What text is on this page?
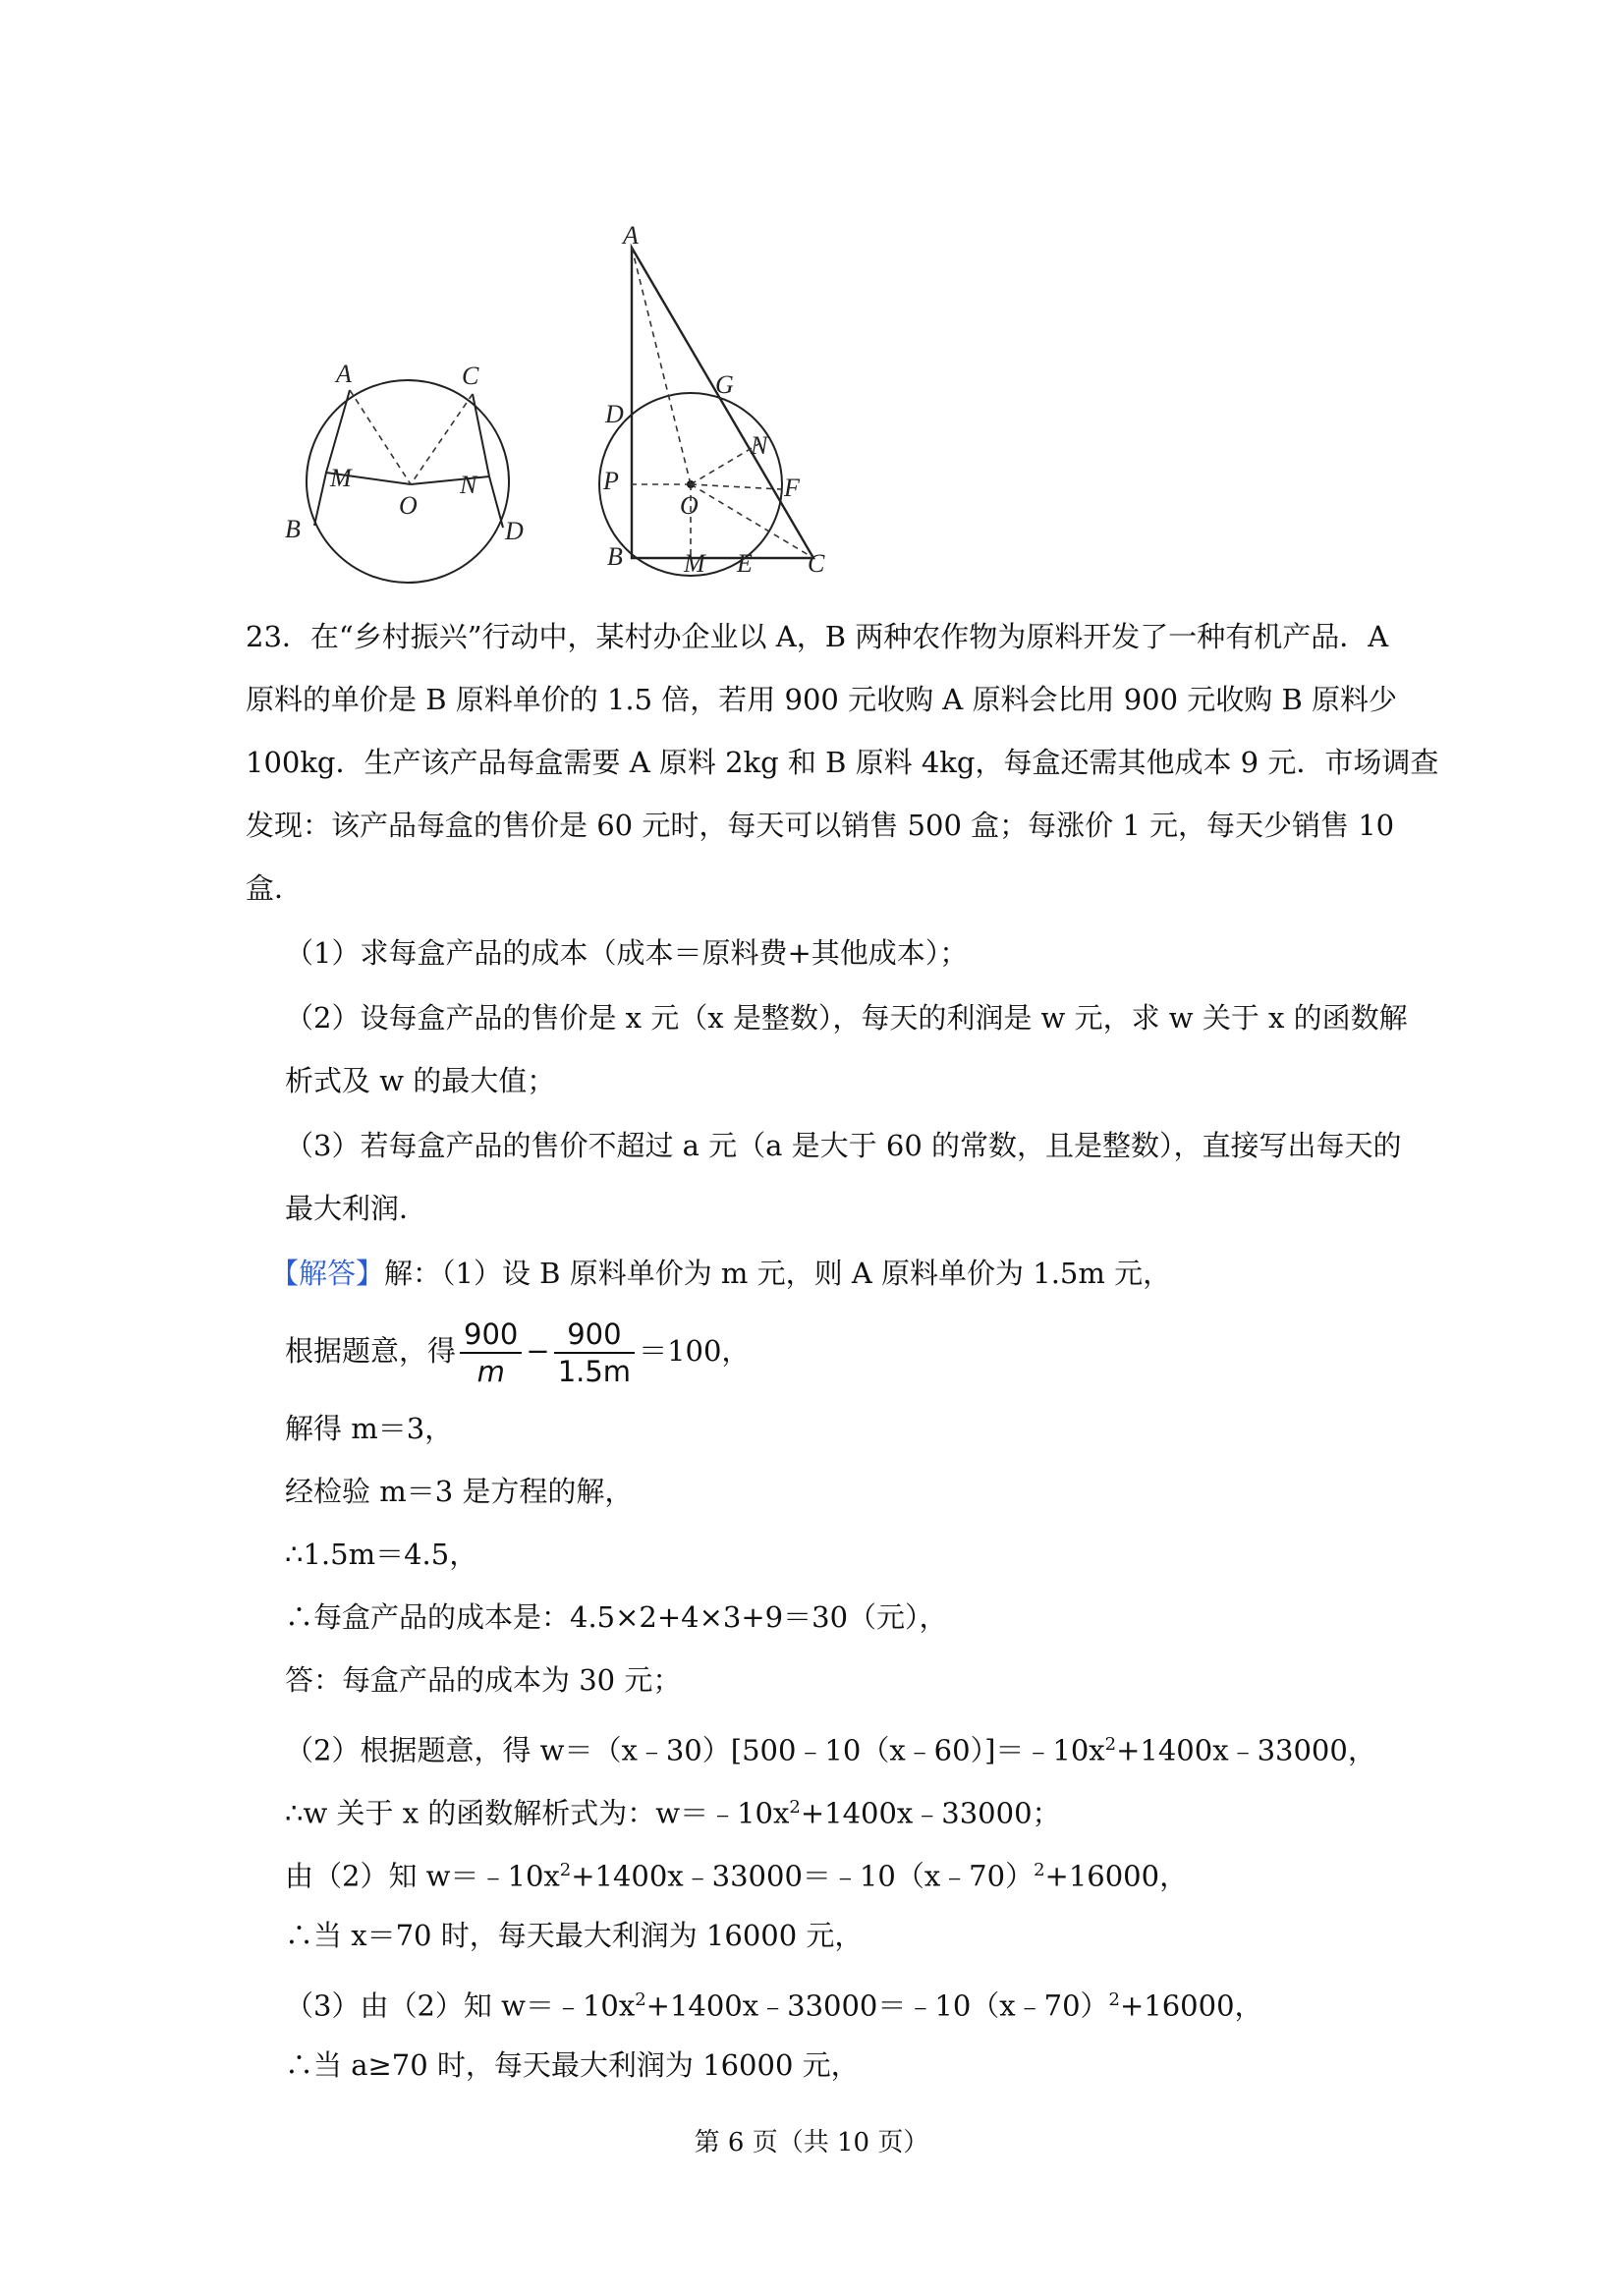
A	C
M	N
O
B	D
A
G
D
N
P	F
O
B M E C
23．在“乡村振兴”行动中，某村办企业以 A，B 两种农作物为原料开发了一种有机产品．A
原料的单价是 B 原料单价的 1.5 倍，若用 900 元收购 A 原料会比用 900 元收购 B 原料少
100kg．生产该产品每盒需要 A 原料 2kg 和 B 原料 4kg，每盒还需其他成本 9 元．市场调查
发现：该产品每盒的售价是 60 元时，每天可以销售 500 盒；每涨价 1 元，每天少销售 10
盒．
（1）求每盒产品的成本（成本＝原料费+其他成本）；
（2）设每盒产品的售价是 x 元（x 是整数），每天的利润是 w 元，求 w 关于 x 的函数解
析式及 w 的最大值；
（3）若每盒产品的售价不超过 a 元（a 是大于 60 的常数，且是整数），直接写出每天的
最大利润．
【解答】解：（1）设 B 原料单价为 m 元，则 A 原料单价为 1.5m 元，
根据题意，得 $\frac{900}{m} - \frac{900}{1.5m} =100$，
解得 m＝3，
经检验 m＝3 是方程的解，
∴1.5m＝4.5，
∴每盒产品的成本是：4.5×2+4×3+9＝30（元），
答：每盒产品的成本为 30 元；
（2）根据题意，得 $w=(x﹣30)[500﹣10(x﹣60)]=﹣10x^2+1400x﹣33000$，
∴w 关于 x 的函数解析式为：$w=﹣10x^2+1400x﹣33000$；
由（2）知 $w=﹣10x^2+1400x﹣33000=﹣10(x﹣70)^2+16000$，
∴当 x＝70 时，每天最大利润为 16000 元，
（3）由（2）知 $w=﹣10x^2+1400x﹣33000=﹣10(x﹣70)^2+16000$，
∴当 a≥70 时，每天最大利润为 16000 元，
第 6 页（共 10 页）
